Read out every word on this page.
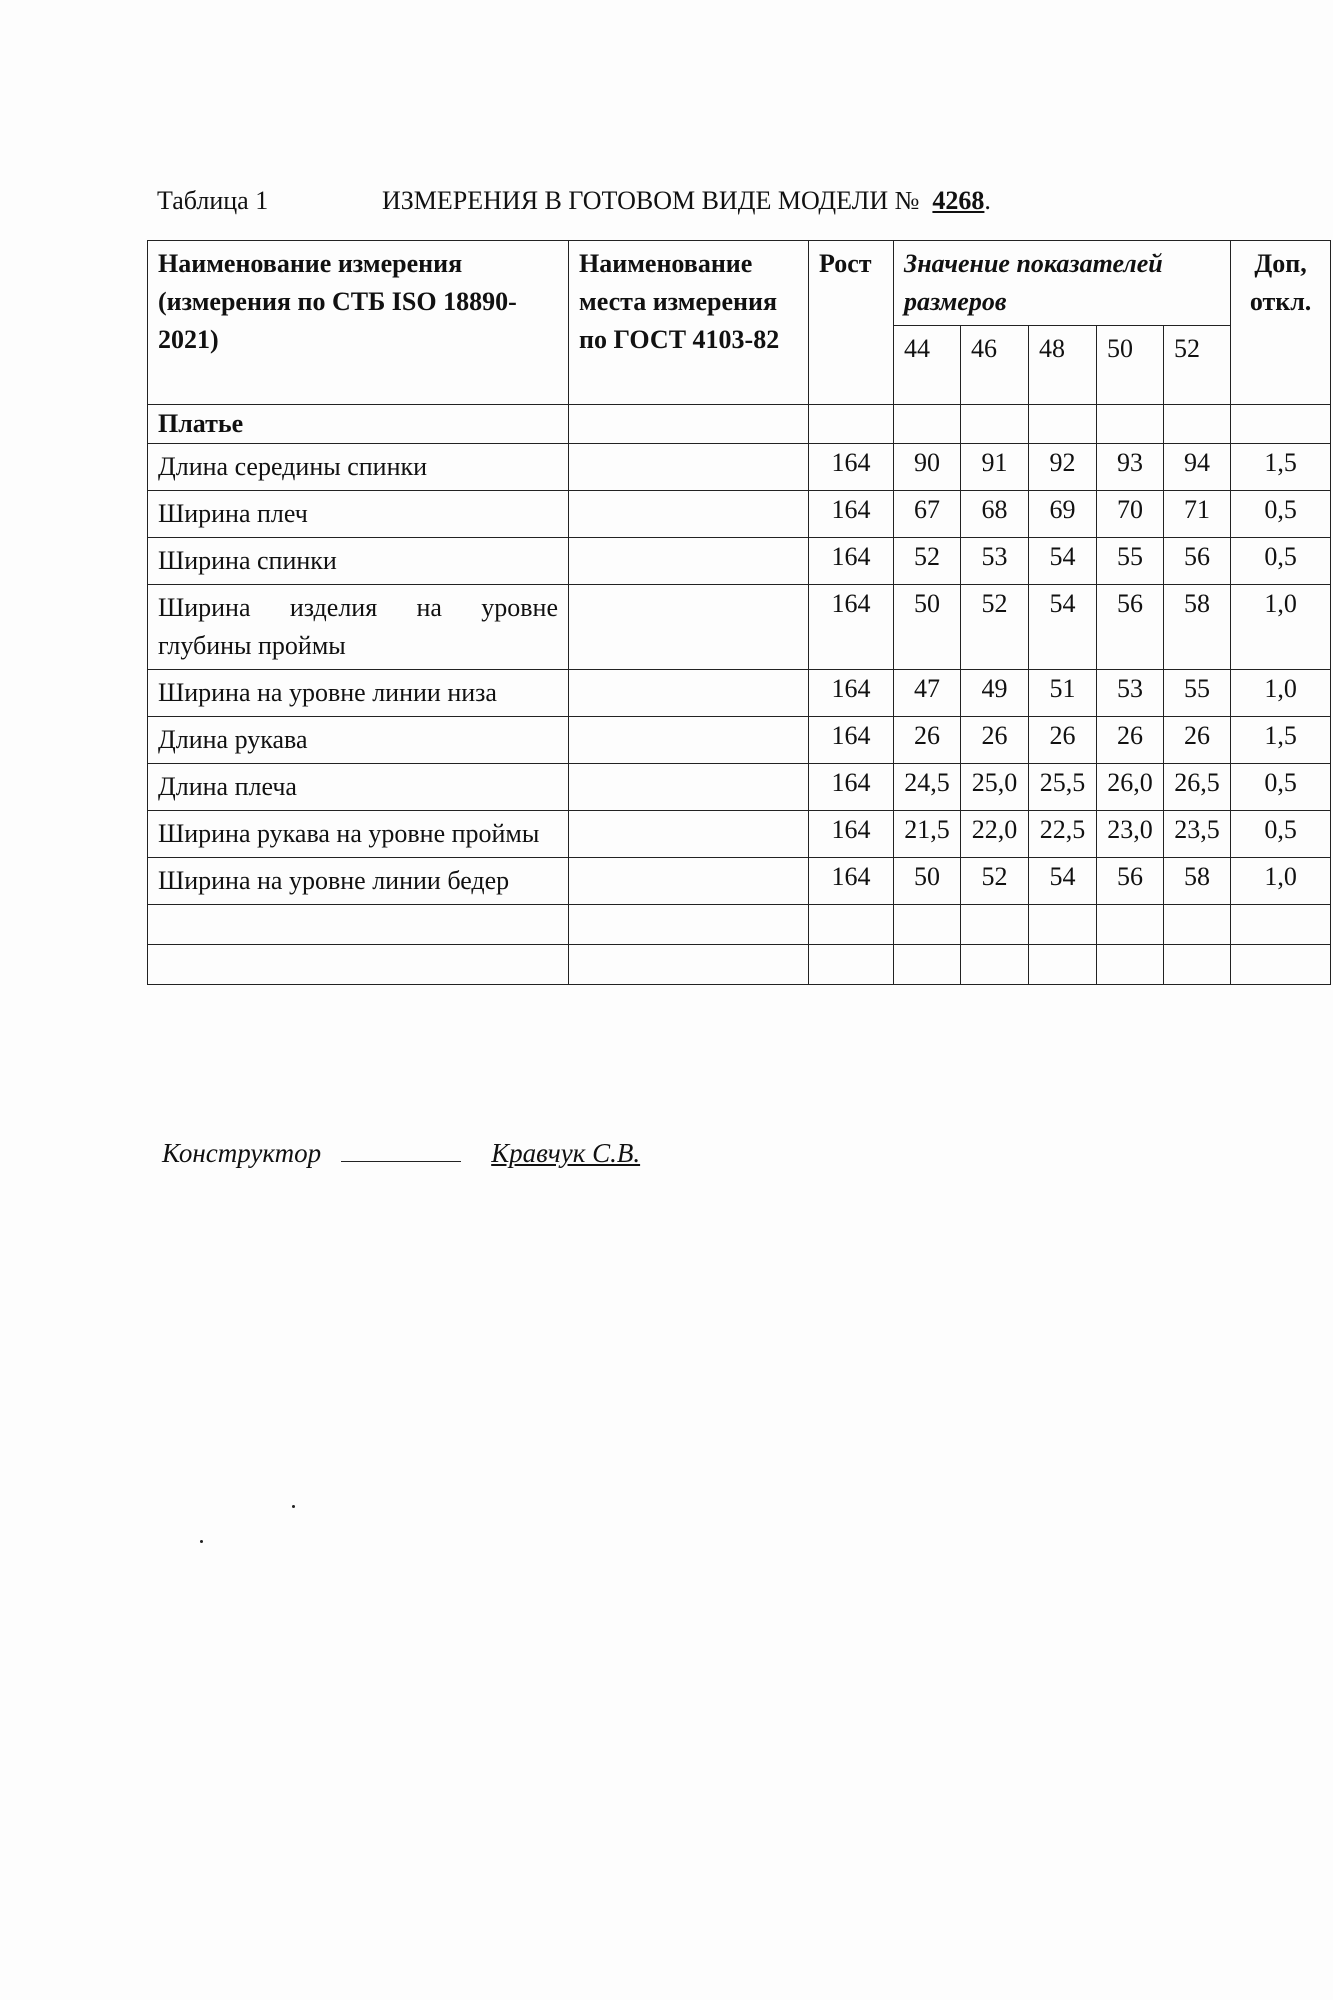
Таблица 1	ИЗМЕРЕНИЯ В ГОТОВОМ ВИДЕ МОДЕЛИ № 4268.
Наименование измерения (измерения по СТБ ISO 18890-2021)	Наименование места измерения по ГОСТ 4103-82	Рост	Значение показателей размеров					Доп, откл.
			44	46	48	50	52	
Платье								
Длина середины спинки		164	90	91	92	93	94	1,5
Ширина плеч		164	67	68	69	70	71	0,5
Ширина спинки		164	52	53	54	55	56	0,5
Ширина изделия на уровне глубины проймы		164	50	52	54	56	58	1,0
Ширина на уровне линии низа		164	47	49	51	53	55	1,0
Длина рукава		164	26	26	26	26	26	1,5
Длина плеча		164	24,5	25,0	25,5	26,0	26,5	0,5
Ширина рукава на уровне проймы		164	21,5	22,0	22,5	23,0	23,5	0,5
Ширина на уровне линии бедер		164	50	52	54	56	58	1,0

Конструктор	Кравчук С.В.
